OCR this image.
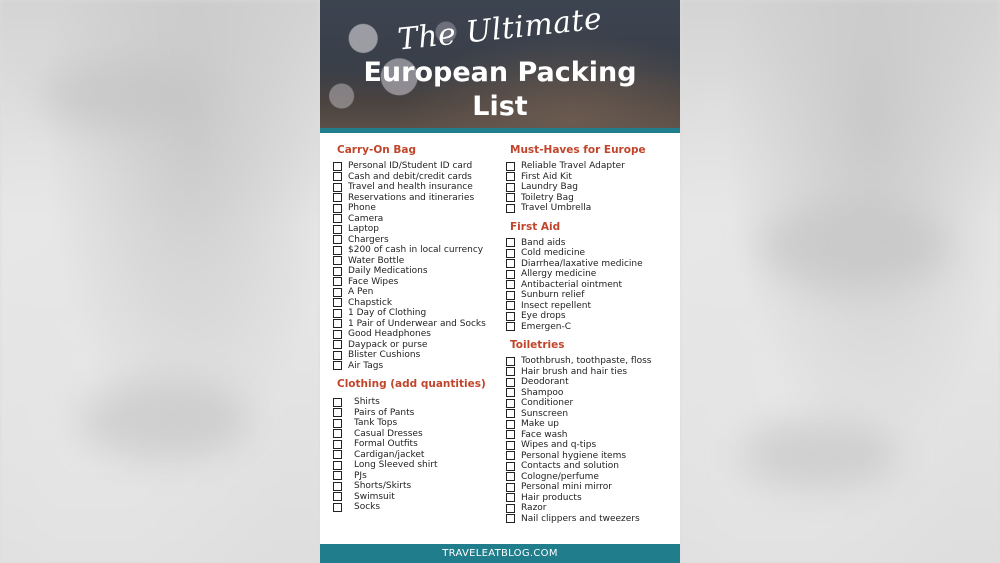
The Ultimate
European Packing
List
Carry-On Bag
Personal ID/Student ID card
Cash and debit/credit cards
Travel and health insurance
Reservations and itineraries
Phone
Camera
Laptop
Chargers
$200 of cash in local currency
Water Bottle
Daily Medications
Face Wipes
A Pen
Chapstick
1 Day of Clothing
1 Pair of Underwear and Socks
Good Headphones
Daypack or purse
Blister Cushions
Air Tags
Clothing (add quantities)
Shirts
Pairs of Pants
Tank Tops
Casual Dresses
Formal Outfits
Cardigan/jacket
Long Sleeved shirt
PJs
Shorts/Skirts
Swimsuit
Socks
Must-Haves for Europe
Reliable Travel Adapter
First Aid Kit
Laundry Bag
Toiletry Bag
Travel Umbrella
First Aid
Band aids
Cold medicine
Diarrhea/laxative medicine
Allergy medicine
Antibacterial ointment
Sunburn relief
Insect repellent
Eye drops
Emergen-C
Toiletries
Toothbrush, toothpaste, floss
Hair brush and hair ties
Deodorant
Shampoo
Conditioner
Sunscreen
Make up
Face wash
Wipes and q-tips
Personal hygiene items
Contacts and solution
Cologne/perfume
Personal mini mirror
Hair products
Razor
Nail clippers and tweezers
TRAVELEATBLOG.COM
